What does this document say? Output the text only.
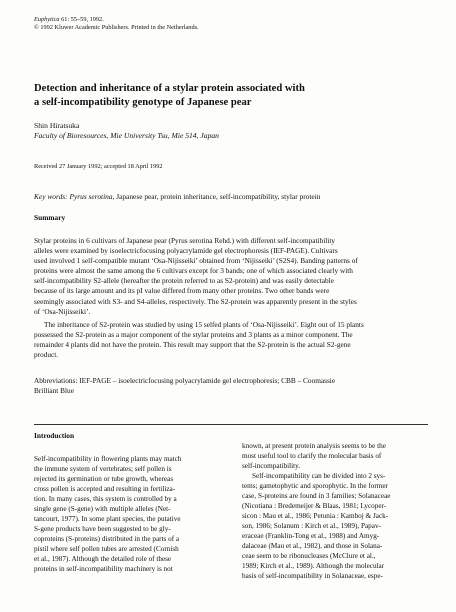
Euphytica 61: 55–59, 1992.
© 1992 Kluwer Academic Publishers. Printed in the Netherlands.
Detection and inheritance of a stylar protein associated with
a self-incompatibility genotype of Japanese pear
Shin Hiratsuka
Faculty of Bioresources, Mie University Tsu, Mie 514, Japan
Received 27 January 1992; accepted 18 April 1992
Key words: Pyrus serotina, Japanese pear, protein inheritance, self-incompatibility, stylar protein
Summary

Stylar proteins in 6 cultivars of Japanese pear (Pyrus serotina Rehd.) with different self-incompatibility

alleles were examined by isoelectricfocusing polyacrylamide gel electrophoresis (IEF-PAGE). Cultivars

used involved 1 self-compatible mutant ‘Osa-Nijisseiki’ obtained from ‘Nijisseiki’ (S2S4). Banding patterns of

proteins were almost the same among the 6 cultivars except for 3 bands; one of which associated clearly with

self-incompatibility S2-allele (hereafter the protein referred to as S2-protein) and was easily detectable

because of its large amount and its pI value differed from many other proteins. Two other bands were

seemingly associated with S3- and S4-alleles, respectively. The S2-protein was apparently present in the styles

of ‘Osa-Nijisseiki’.

The inheritance of S2-protein was studied by using 15 selfed plants of ‘Osa-Nijisseiki’. Eight out of 15 plants

possessed the S2-protein as a major component of the stylar proteins and 3 plants as a minor component. The

remainder 4 plants did not have the protein. This result may support that the S2-protein is the actual S2-gene

product.

Abbreviations: IEF-PAGE – isoelectricfocusing polyacrylamide gel electrophoresis; CBB – Coomassie

Brilliant Blue

Introduction

Self-incompatibility in flowering plants may match

the immune system of vertebrates; self pollen is

rejected its germination or tube growth, whereas

cross pollen is accepted and resulting in fertiliza-

tion. In many cases, this system is controlled by a

single gene (S-gene) with multiple alleles (Net-

tancourt, 1977). In some plant species, the putative

S-gene products have been suggested to be gly-

coproteins (S-proteins) distributed in the parts of a

pistil where self pollen tubes are arrested (Cornish

et al., 1987). Although the detailed role of these

proteins in self-incompatibility machinery is not

known, at present protein analysis seems to be the

most useful tool to clarify the molecular basis of

self-incompatibility.

Self-incompatibility can be divided into 2 sys-

tems; gametophytic and sporophytic. In the former

case, S-proteins are found in 3 families; Solanaceae

(Nicotiana : Bredemeijer & Blaas, 1981; Lycoper-

sicon : Mau et al., 1986; Petunia : Kamboj & Jack-

son, 1986; Solanum : Kirch et al., 1989), Papav-

eraceae (Franklin-Tong et al., 1988) and Amyg-

dalaceae (Mau et al., 1982), and those in Solana-

ceae seem to be ribonucleases (McClure et al.,

1989; Kirch et al., 1989). Although the molecular

basis of self-incompatibility in Solanaceae, espe-
